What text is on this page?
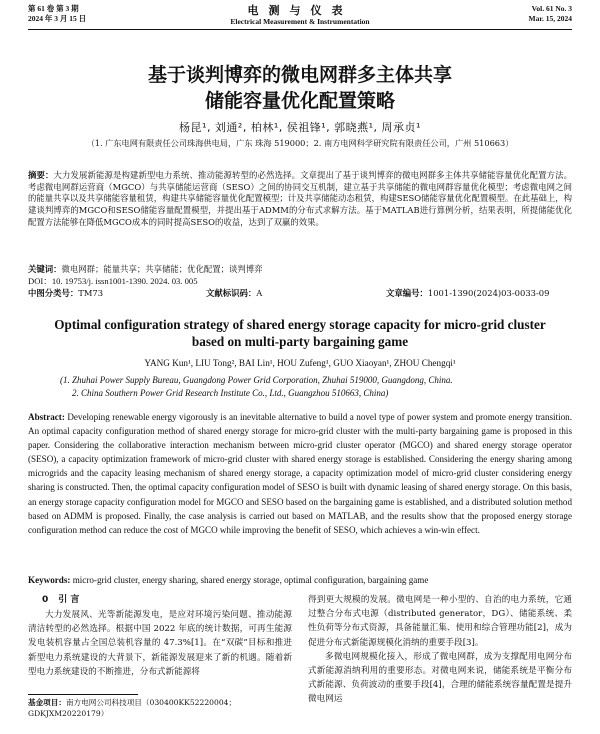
第 61 卷 第 3 期
2024 年 3 月 15 日
电测与仪表
Electrical Measurement & Instrumentation
Vol. 61 No. 3
Mar. 15, 2024
基于谈判博弈的微电网群多主体共享
储能容量优化配置策略
杨昆¹, 刘通², 柏林¹, 侯祖锋¹, 郭晓燕¹, 周承贞¹
（1. 广东电网有限责任公司珠海供电局，广东 珠海 519000；2. 南方电网科学研究院有限责任公司，广州 510663）
摘要：大力发展新能源是构建新型电力系统、推动能源转型的必然选择。文章提出了基于谈判博弈的微电网群多主体共享储能容量优化配置方法。考虑微电网群运营商（MGCO）与共享储能运营商（SESO）之间的协同交互机制，建立基于共享储能的微电网群容量优化模型；考虑微电网之间的能量共享以及共享储能容量租赁，构建共享储能容量优化配置模型；计及共享储能动态租赁，构建SESO储能容量优化配置模型。在此基础上，构建谈判博弈的MGCO和SESO储能容量配置模型，并提出基于ADMM的分布式求解方法。基于MATLAB进行算例分析，结果表明，所提储能优化配置方法能够在降低MGCO成本的同时提高SESO的收益，达到了双赢的效果。
关键词：微电网群；能量共享；共享储能；优化配置；谈判博弈
DOI：10. 19753/j. issn1001-1390. 2024. 03. 005
中图分类号： TM73	文献标识码： A	文章编号： 1001-1390(2024)03-0033-09
Optimal configuration strategy of shared energy storage capacity for micro-grid cluster
based on multi-party bargaining game
YANG Kun¹, LIU Tong², BAI Lin¹, HOU Zufeng¹, GUO Xiaoyan¹, ZHOU Chengqi¹
(1. Zhuhai Power Supply Bureau, Guangdong Power Grid Corporation, Zhuhai 519000, Guangdong, China.
2. China Southern Power Grid Research Institute Co., Ltd., Guangzhou 510663, China)
Abstract: Developing renewable energy vigorously is an inevitable alternative to build a novel type of power system and promote energy transition. An optimal capacity configuration method of shared energy storage for micro-grid cluster with the multi-party bargaining game is proposed in this paper. Considering the collaborative interaction mechanism between micro-grid cluster operator (MGCO) and shared energy storage operator (SESO), a capacity optimization framework of micro-grid cluster with shared energy storage is established. Considering the energy sharing among microgrids and the capacity leasing mechanism of shared energy storage, a capacity optimization model of micro-grid cluster considering energy sharing is constructed. Then, the optimal capacity configuration model of SESO is built with dynamic leasing of shared energy storage. On this basis, an energy storage capacity configuration model for MGCO and SESO based on the bargaining game is established, and a distributed solution method based on ADMM is proposed. Finally, the case analysis is carried out based on MATLAB, and the results show that the proposed energy storage configuration method can reduce the cost of MGCO while improving the benefit of SESO, which achieves a win-win effect.
Keywords: micro-grid cluster, energy sharing, shared energy storage, optimal configuration, bargaining game
0 引 言
大力发展风、光等新能源发电，是应对环境污染问题、推动能源清洁转型的必然选择。根据中国 2022 年底的统计数据，可再生能源发电装机容量占全国总装机容量的 47.3%[1]。在“双碳”目标和推进新型电力系统建设的大背景下，新能源发展迎来了新的机遇。随着新型电力系统建设的不断推进，分布式新能源将
得到更大规模的发展。微电网是一种小型的、自治的电力系统，它通过整合分布式电源（distributed generator，DG）、储能系统、柔性负荷等分布式资源，具备能量汇集、使用和综合管理功能[2]，成为促进分布式新能源规模化消纳的重要手段[3]。
多微电网规模化接入，形成了微电网群，成为支撑配用电网分布式新能源消纳利用的重要形态。对微电网来说，储能系统是平衡分布式新能源、负荷波动的重要手段[4]，合理的储能系统容量配置是提升微电网运
基金项目：南方电网公司科技项目（030400KK52220004；GDKJXM20220179）
